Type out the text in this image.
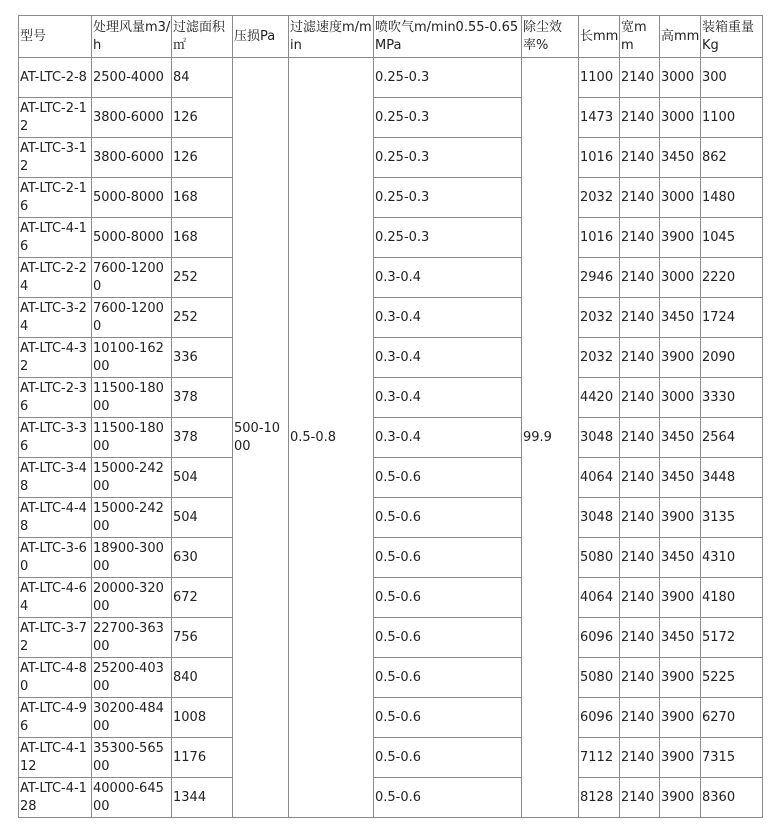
型号	处理风量m3/h	过滤面积㎡	压损Pa	过滤速度m/min	喷吹气m/min0.55-0.65MPa	除尘效率%	长mm	宽mm	高mm	装箱重量Kg
AT-LTC-2-8	2500-4000	84	500-1000	0.5-0.8	0.25-0.3	99.9	1100	2140	3000	300
AT-LTC-2-12	3800-6000	126			0.25-0.3		1473	2140	3000	1100
AT-LTC-3-12	3800-6000	126			0.25-0.3		1016	2140	3450	862
AT-LTC-2-16	5000-8000	168			0.25-0.3		2032	2140	3000	1480
AT-LTC-4-16	5000-8000	168			0.25-0.3		1016	2140	3900	1045
AT-LTC-2-24	7600-12000	252			0.3-0.4		2946	2140	3000	2220
AT-LTC-3-24	7600-12000	252			0.3-0.4		2032	2140	3450	1724
AT-LTC-4-32	10100-16200	336			0.3-0.4		2032	2140	3900	2090
AT-LTC-2-36	11500-18000	378			0.3-0.4		4420	2140	3000	3330
AT-LTC-3-36	11500-18000	378			0.3-0.4		3048	2140	3450	2564
AT-LTC-3-48	15000-24200	504			0.5-0.6		4064	2140	3450	3448
AT-LTC-4-48	15000-24200	504			0.5-0.6		3048	2140	3900	3135
AT-LTC-3-60	18900-30000	630			0.5-0.6		5080	2140	3450	4310
AT-LTC-4-64	20000-32000	672			0.5-0.6		4064	2140	3900	4180
AT-LTC-3-72	22700-36300	756			0.5-0.6		6096	2140	3450	5172
AT-LTC-4-80	25200-40300	840			0.5-0.6		5080	2140	3900	5225
AT-LTC-4-96	30200-48400	1008			0.5-0.6		6096	2140	3900	6270
AT-LTC-4-112	35300-56500	1176			0.5-0.6		7112	2140	3900	7315
AT-LTC-4-128	40000-64500	1344			0.5-0.6		8128	2140	3900	8360
